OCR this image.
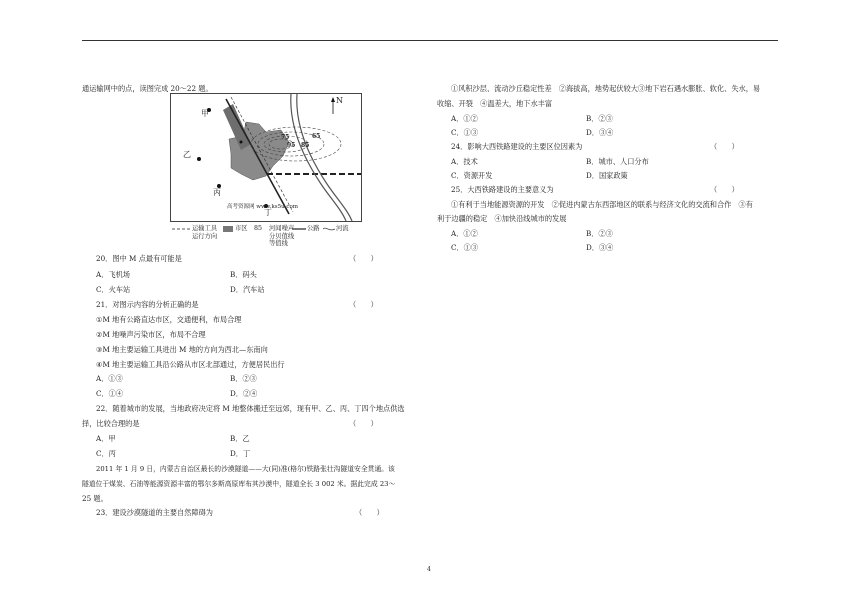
通运输网中的点，读图完成 20～22 题。
N
甲
乙
丙
丁
75	65
95 85
高考资源网 www.ks5u.com
运输工具
运行方向
市区 85 河闻噪声
分贝值线
等值线
公路	河流
20．图中 M 点最有可能是	（　　）
A．飞机场	B．码头
C．火车站	D．汽车站
21．对图示内容的分析正确的是	（　　）
①M 地有公路直达市区，交通便利，布局合理
②M 地噪声污染市区，布局不合理
③M 地主要运输工具进出 M 地的方向为西北—东南向
④M 地主要运输工具沿公路从市区北部通过，方便居民出行
A．①③	B．②③
C．①④	D．②④
22．随着城市的发展，当地政府决定将 M 地整体搬迁至远郊，现有甲、乙、丙、丁四个地点供选
择，比较合理的是	（　　）
A．甲	B．乙
C．丙	D．丁
2011 年 1 月 9 日，内蒙古自治区最长的沙漠隧道——大(同)准(格尔)铁路张壮沟隧道安全贯通。该
隧道位于煤炭、石油等能源资源丰富的鄂尔多斯高原库布其沙漠中，隧道全长 3 002 米。据此完成 23～
25 题。
23．建设沙漠隧道的主要自然障碍为	（　　）
①风积沙层、流动沙丘稳定性差　②海拔高，地势起伏较大③地下岩石遇水膨胀、软化、失水，易
收缩、开裂　④温差大，地下水丰富
A．①②	B．②③
C．①③	D．③④
24．影响大西铁路建设的主要区位因素为	（　　）
A．技术	B．城市、人口分布
C．资源开发	D．国家政策
25．大西铁路建设的主要意义为	（　　）
①有利于当地能源资源的开发　②促进内蒙古东西部地区的联系与经济文化的交流和合作　③有
利于边疆的稳定　④加快沿线城市的发展
A．①②	B．②③
C．①③	D．③④
4
